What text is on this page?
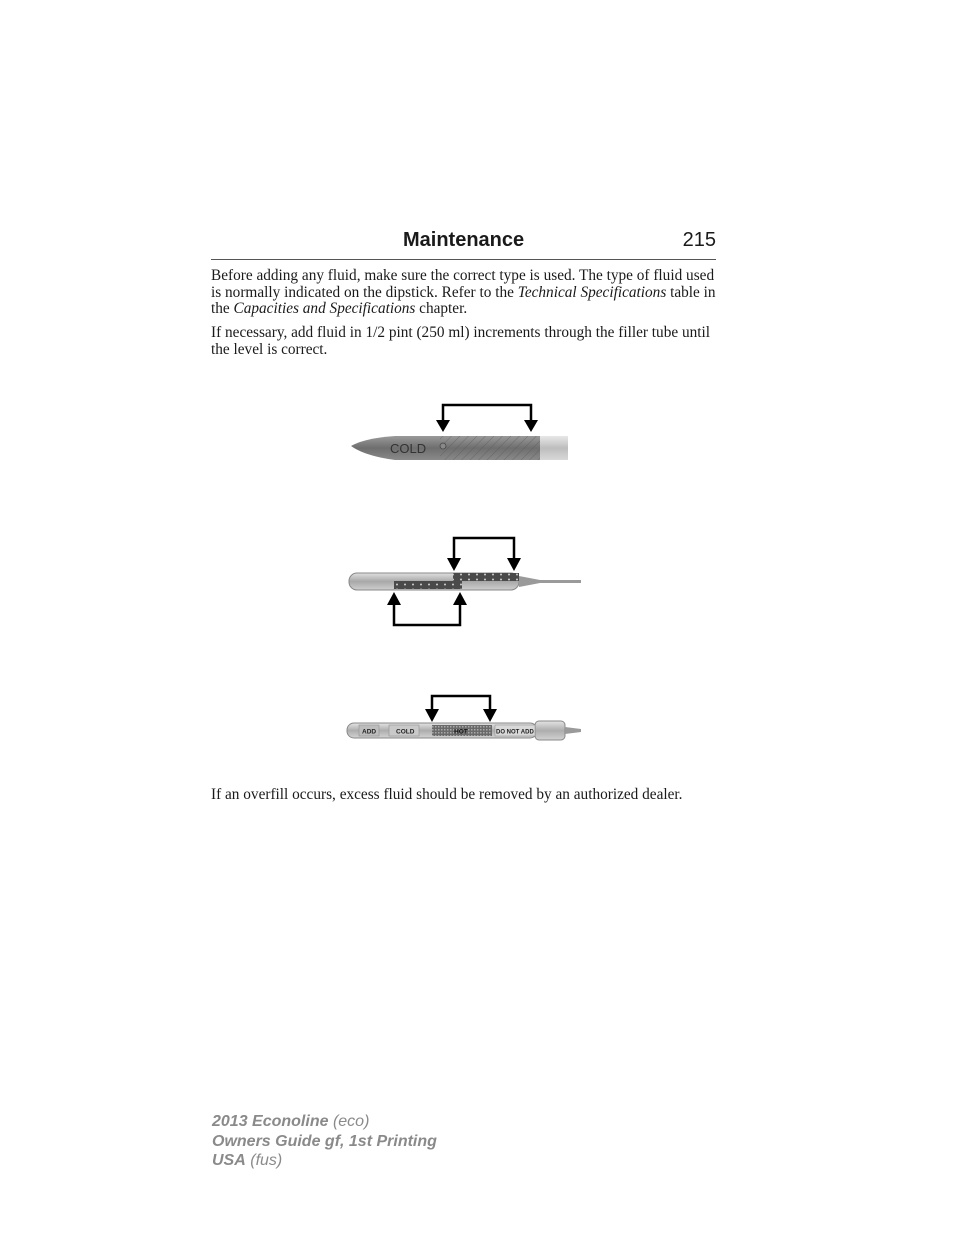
Maintenance	215

Before adding any fluid, make sure the correct type is used. The type of fluid used is normally indicated on the dipstick. Refer to the Technical Specifications table in the Capacities and Specifications chapter.

If necessary, add fluid in 1/2 pint (250 ml) increments through the filler tube until the level is correct.

COLD
ADD	COLD	HOT	DO NOT ADD

If an overfill occurs, excess fluid should be removed by an authorized dealer.

2013 Econoline (eco)
Owners Guide gf, 1st Printing
USA (fus)
